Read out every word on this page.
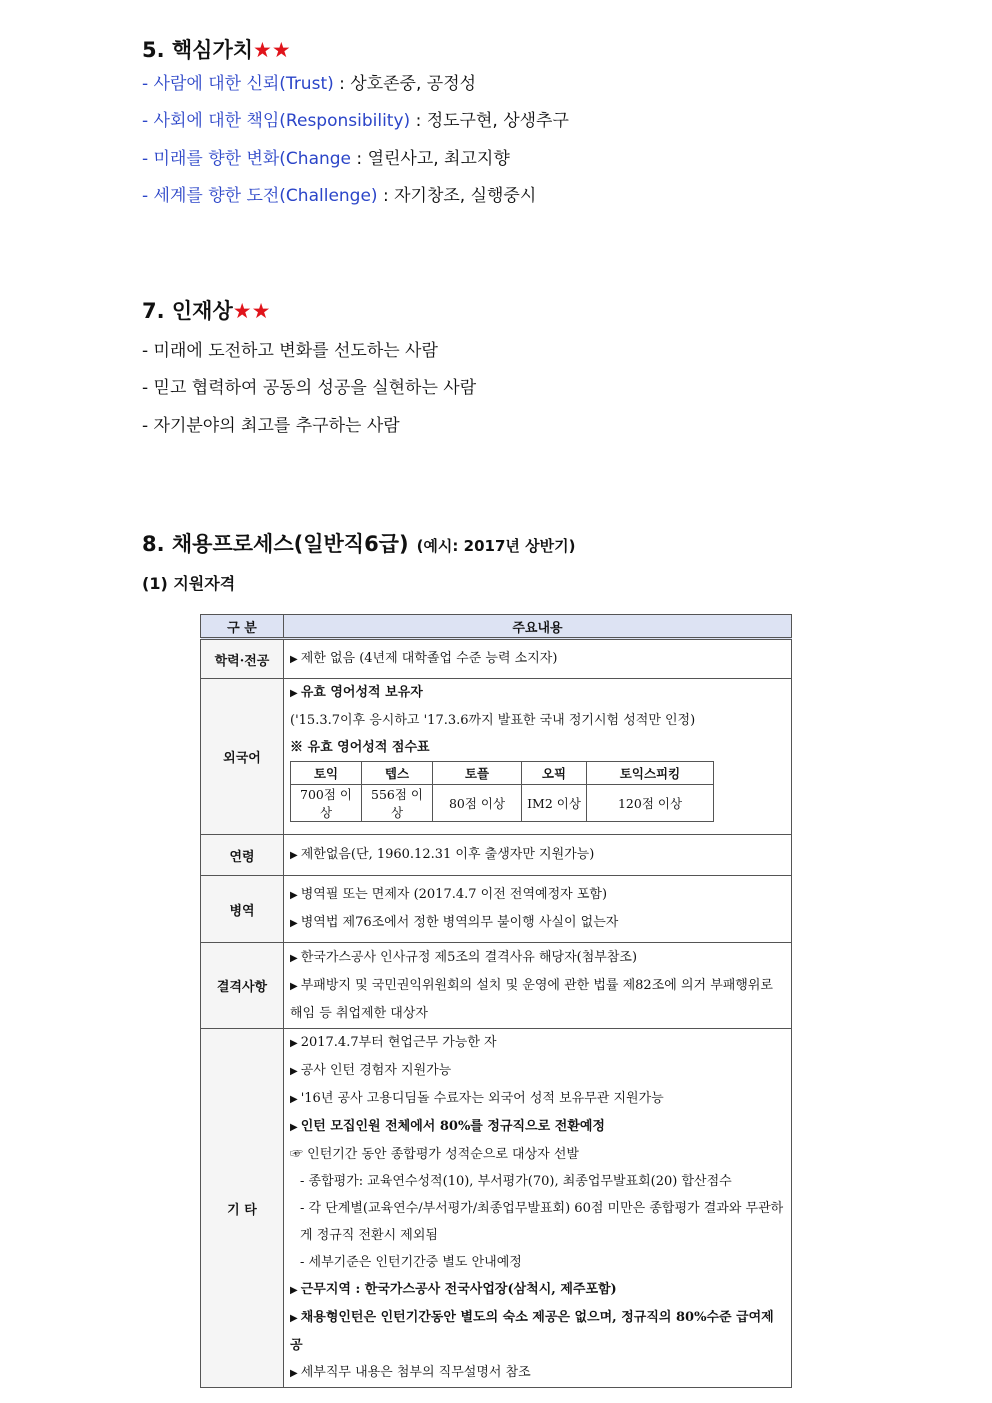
5. 핵심가치★★

- 사람에 대한 신뢰(Trust) : 상호존중, 공정성

- 사회에 대한 책임(Responsibility) : 정도구현, 상생추구

- 미래를 향한 변화(Change : 열린사고, 최고지향

- 세계를 향한 도전(Challenge) : 자기창조, 실행중시

7. 인재상★★

- 미래에 도전하고 변화를 선도하는 사람

- 믿고 협력하여 공동의 성공을 실현하는 사람

- 자기분야의 최고를 추구하는 사람

8. 채용프로세스(일반직6급) (예시: 2017년 상반기)

(1) 지원자격

구 분	주요내용
학력·전공	▶ 제한 없음 (4년제 대학졸업 수준 능력 소지자)

외국어	
▶ 유효 영어성적 보유자
('15.3.7이후 응시하고 '17.3.6까지 발표한 국내 정기시험 성적만 인정)
※ 유효 영어성적 점수표
토익	텝스	토플	오픽	토익스피킹
700점 이상	556점 이상	80점 이상	IM2 이상	120점 이상

연령	▶ 제한없음(단, 1960.12.31 이후 출생자만 지원가능)

병역	
▶ 병역필 또는 면제자 (2017.4.7 이전 전역예정자 포함)
▶ 병역법 제76조에서 정한 병역의무 불이행 사실이 없는자

결격사항	
▶ 한국가스공사 인사규정 제5조의 결격사유 해당자(첨부참조)
▶ 부패방지 및 국민권익위원회의 설치 및 운영에 관한 법률 제82조에 의거 부패행위로 해임 등 취업제한 대상자

기 타	
▶ 2017.4.7부터 현업근무 가능한 자
▶ 공사 인턴 경험자 지원가능
▶ '16년 공사 고용디딤돌 수료자는 외국어 성적 보유무관 지원가능
▶ 인턴 모집인원 전체에서 80%를 정규직으로 전환예정
☞ 인턴기간 동안 종합평가 성적순으로 대상자 선발
- 종합평가: 교육연수성적(10), 부서평가(70), 최종업무발표회(20) 합산점수
- 각 단계별(교육연수/부서평가/최종업무발표회) 60점 미만은 종합평가 결과와 무관하게 정규직 전환시 제외됨
- 세부기준은 인턴기간중 별도 안내예정
▶ 근무지역 : 한국가스공사 전국사업장(삼척시, 제주포함)
▶ 채용형인턴은 인턴기간동안 별도의 숙소 제공은 없으며, 정규직의 80%수준 급여제공
▶ 세부직무 내용은 첨부의 직무설명서 참조
